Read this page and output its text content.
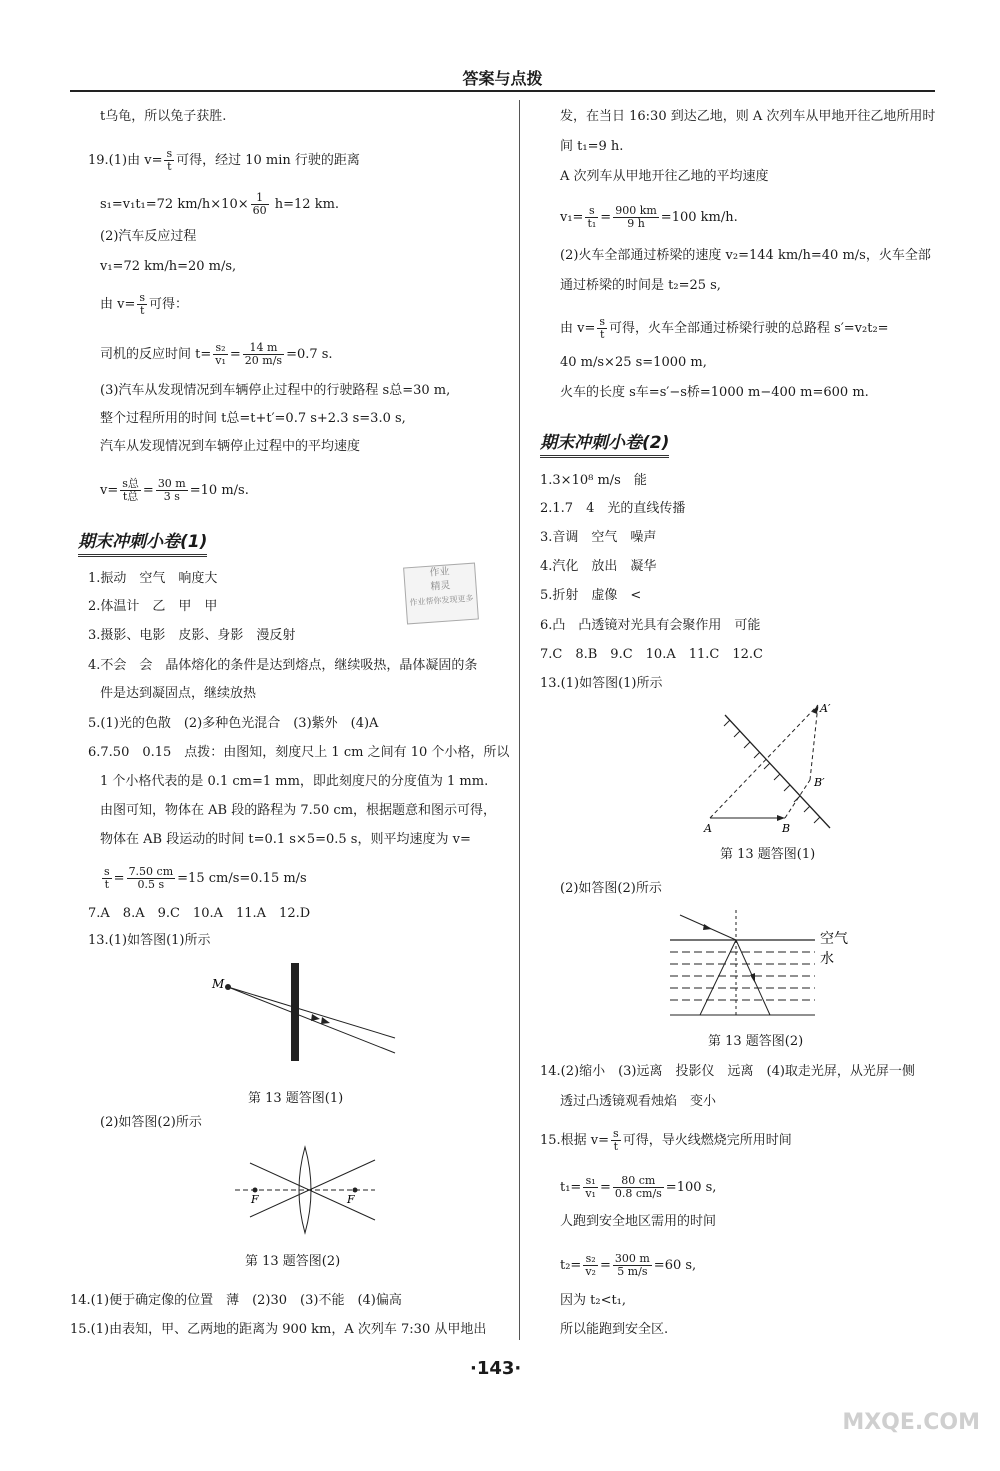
答案与点拨
t乌龟，所以兔子获胜.
19.(1)由 $v= \frac{s}{t}$ 可得，经过 10 min 行驶的距离
s₁=v₁t₁=72 $km/h\times 10\times \frac{1}{60} h=12$ km.
(2)汽车反应过程
v₁=72 km/h=20 m/s,
由 $v= \frac{s}{t}$ 可得：
司机的反应时间 $t= \frac{\text{s₂}}{\text{v₁}} = \frac{14 m}{20 m/s} =0.7$ s.
(3)汽车从发现情况到车辆停止过程中的行驶路程 s总=30 m,
整个过程所用的时间 t总=t+t′=0.7 s+2.3 s=3.0 s,
汽车从发现情况到车辆停止过程中的平均速度
$v= \frac{\text{s总}}{\text{t总}} = \frac{30 m}{3 s} =10$ m/s.
期末冲刺小卷(1)
1.振动　空气　响度大
2.体温计　乙　甲　甲
3.摄影、电影　皮影、身影　漫反射
4.不会　会　晶体熔化的条件是达到熔点，继续吸热，晶体凝固的条
件是达到凝固点，继续放热
5.(1)光的色散　(2)多种色光混合　(3)紫外　(4)A
6.7.50　0.15　点拨：由图知，刻度尺上 1 cm 之间有 10 个小格，所以
1 个小格代表的是 0.1 cm=1 mm，即此刻度尺的分度值为 1 mm.
由图可知，物体在 AB 段的路程为 7.50 cm，根据题意和图示可得，
物体在 AB 段运动的时间 t=0.1 s×5=0.5 s，则平均速度为 v=
$\frac{s}{t} = \frac{7.50 cm}{0.5 s} =15$ cm/s=0.15 m/s
7.A　8.A　9.C　10.A　11.A　12.D
13.(1)如答图(1)所示
M
第 13 题答图(1)
(2)如答图(2)所示
F	F
第 13 题答图(2)
14.(1)便于确定像的位置　薄　(2)30　(3)不能　(4)偏高
15.(1)由表知，甲、乙两地的距离为 900 km，A 次列车 7:30 从甲地出
作业
精灵
作业帮你发现更多
发，在当日 16:30 到达乙地，则 A 次列车从甲地开往乙地所用时
间 t₁=9 h.
A 次列车从甲地开往乙地的平均速度
$v_1= \frac{s}{\text{t₁}} = \frac{900 km}{9 h} =100$ km/h.
(2)火车全部通过桥梁的速度 v₂=144 km/h=40 m/s，火车全部
通过桥梁的时间是 t₂=25 s,
由 $v= \frac{s}{t}$ 可得，火车全部通过桥梁行驶的总路程 s′=v₂t₂=
40 m/s×25 s=1000 m,
火车的长度 s车=s′−s桥=1000 m−400 m=600 m.
期末冲刺小卷(2)
1.3×10⁸ m/s　能
2.1.7　4　光的直线传播
3.音调　空气　噪声
4.汽化　放出　凝华
5.折射　虚像　<
6.凸　凸透镜对光具有会聚作用　可能
7.C　8.B　9.C　10.A　11.C　12.C
13.(1)如答图(1)所示
A	B
A′
B′
第 13 题答图(1)
(2)如答图(2)所示
空气
水
第 13 题答图(2)
14.(2)缩小　(3)远离　投影仪　远离　(4)取走光屏，从光屏一侧
透过凸透镜观看烛焰　变小
15.根据 $v= \frac{s}{t}$ 可得，导火线燃烧完所用时间
$t_1= \frac{\text{s₁}}{\text{v₁}} = \frac{80 cm}{0.8 cm/s} =100$ s,
人跑到安全地区需用的时间
$t_2= \frac{\text{s₂}}{\text{v₂}} = \frac{300 m}{5 m/s} =60$ s,
因为 t₂<t₁,
所以能跑到安全区.
·143·
MXQE.COM
